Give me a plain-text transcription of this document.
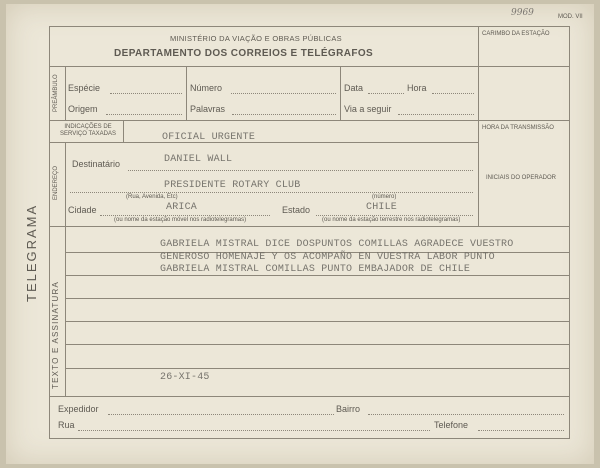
9969	MOD. VII
MINISTÉRIO DA VIAÇÃO E OBRAS PÚBLICAS
DEPARTAMENTO DOS CORREIOS E TELÉGRAFOS
CARIMBO DA ESTAÇÃO
TELEGRAMA
PREÂMBULO Espécie	Número	Data	Hora
Origem	Palavras	Via a seguir
INDICAÇÕES DE SERVIÇO TAXADAS	OFICIAL URGENTE
HORA DA TRANSMISSÃO
INICIAIS DO OPERADOR
ENDEREÇO
Destinatário	DANIEL WALL
PRESIDENTE ROTARY CLUB
(Rua, Avenida, Etc)	(número)
Cidade	ARICA
(ou nome da estação móvel nos radiotelegramas)
Estado	CHILE
(ou nome da estação terrestre nos radiotelegramas)
TEXTO E ASSINATURA
GABRIELA MISTRAL DICE DOSPUNTOS COMILLAS AGRADECE VUESTRO
GENEROSO HOMENAJE Y OS ACOMPAÑO EN VUESTRA LABOR PUNTO
GABRIELA MISTRAL COMILLAS PUNTO EMBAJADOR DE CHILE
26-XI-45
Expedidor	Bairro
Rua	Telefone
